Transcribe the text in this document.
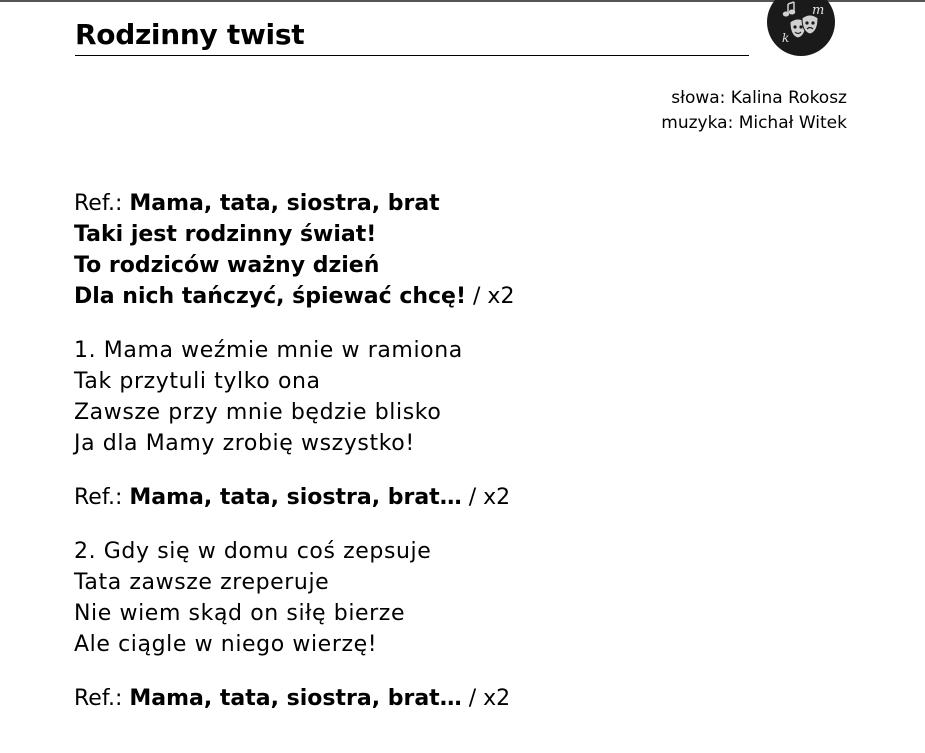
Rodzinny twist
m
k
słowa: Kalina Rokosz
muzyka: Michał Witek
Ref.: Mama, tata, siostra, brat
Taki jest rodzinny świat!
To rodziców ważny dzień
Dla nich tańczyć, śpiewać chcę! / x2
1. Mama weźmie mnie w ramiona
Tak przytuli tylko ona
Zawsze przy mnie będzie blisko
Ja dla Mamy zrobię wszystko!
Ref.: Mama, tata, siostra, brat… / x2
2. Gdy się w domu coś zepsuje
Tata zawsze zreperuje
Nie wiem skąd on siłę bierze
Ale ciągle w niego wierzę!
Ref.: Mama, tata, siostra, brat… / x2
